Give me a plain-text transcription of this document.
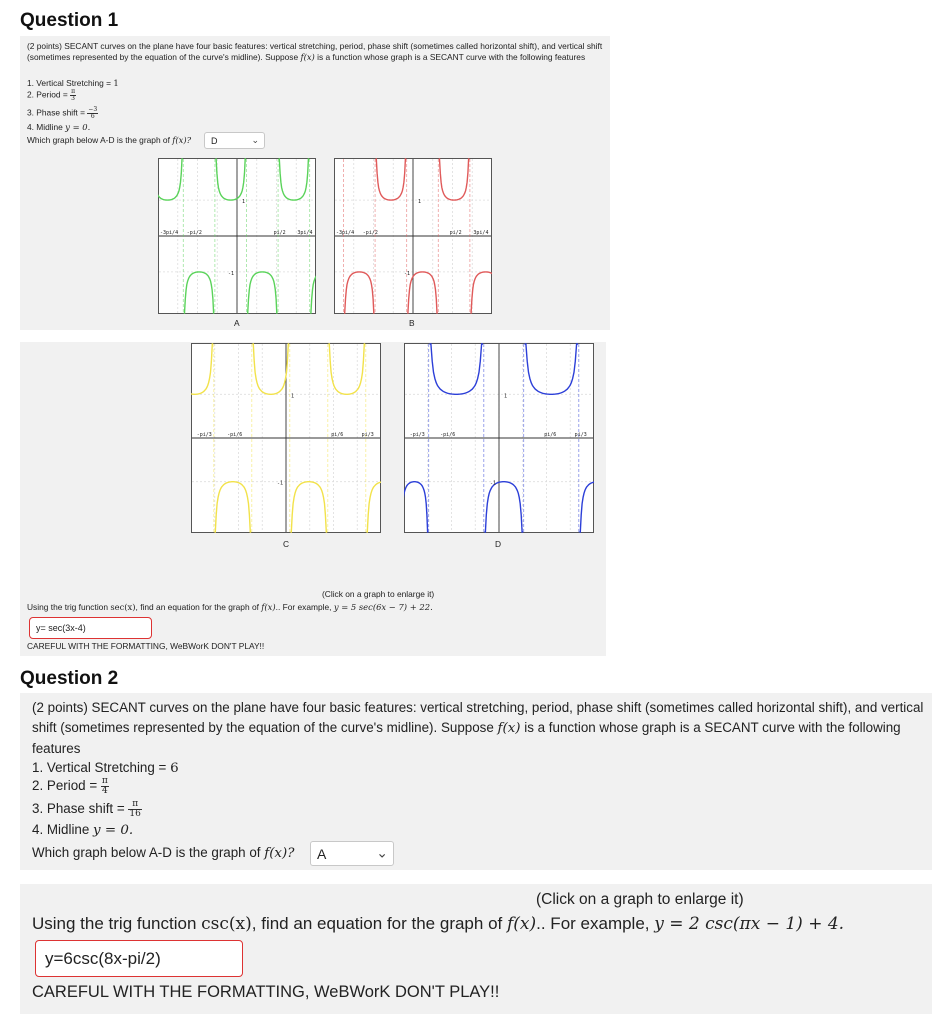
Question 1
(2 points) SECANT curves on the plane have four basic features: vertical stretching, period, phase shift (sometimes called horizontal shift), and vertical shift (sometimes represented by the equation of the curve's midline). Suppose f(x) is a function whose graph is a SECANT curve with the following features
1. Vertical Stretching = 1
2. Period = $\frac{\pi}{3}$
3. Phase shift = $\frac{-3}{6}$
4. Midline y = 0.
Which graph below A-D is the graph of f(x)? D	⌄
-3pi/4 -pi/2	pi/2 3pi/4
1
-1
A
-3pi/4 -pi/2	pi/2 3pi/4
1
-1
B
-pi/3	-pi/6	pi/6	pi/3
1
-1
C
-pi/3	-pi/6	pi/6	pi/3
1
-1
D
(Click on a graph to enlarge it)
Using the trig function sec(x), find an equation for the graph of f(x).. For example, y = 5 sec(6x − 7) + 22.
y= sec(3x-4)
CAREFUL WITH THE FORMATTING, WeBWorK DON'T PLAY!!
Question 2
(2 points) SECANT curves on the plane have four basic features: vertical stretching, period, phase shift (sometimes called horizontal shift), and vertical shift (sometimes represented by the equation of the curve's midline). Suppose f(x) is a function whose graph is a SECANT curve with the following features
1. Vertical Stretching = 6
2. Period = $\frac{\pi}{4}$
3. Phase shift = $\frac{\pi}{16}$
4. Midline y = 0.
Which graph below A-D is the graph of f(x)? A	⌄
(Click on a graph to enlarge it)
Using the trig function csc(x), find an equation for the graph of f(x).. For example, y = 2 csc(πx − 1) + 4.
y=6csc(8x-pi/2)
CAREFUL WITH THE FORMATTING, WeBWorK DON'T PLAY!!
